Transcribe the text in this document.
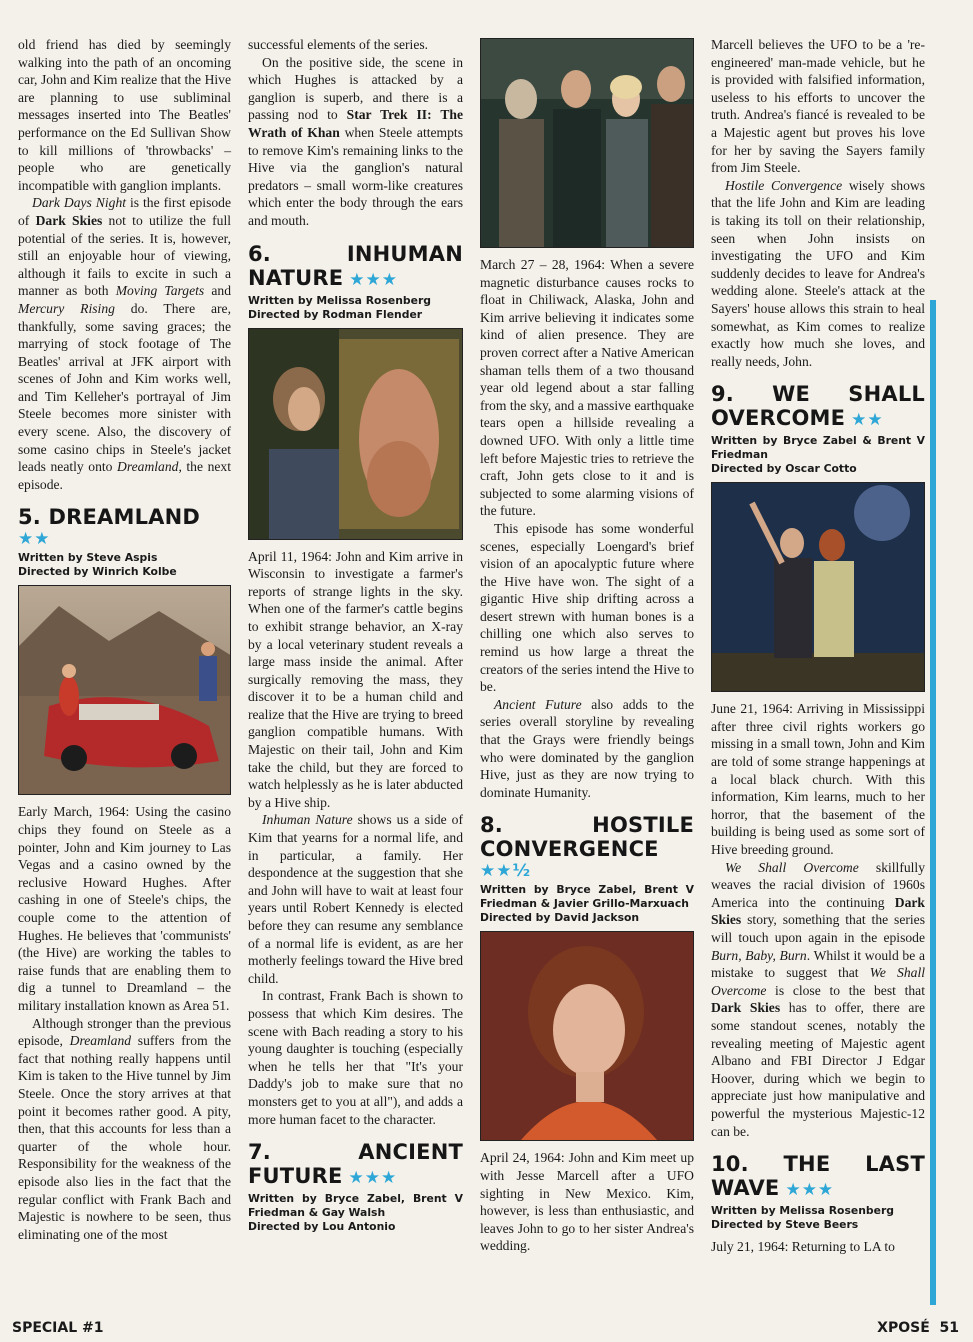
old friend has died by seemingly walking into the path of an oncoming car, John and Kim realize that the Hive are planning to use subliminal messages inserted into The Beatles' performance on the Ed Sullivan Show to kill millions of 'throwbacks' – people who are genetically incompatible with ganglion implants.

Dark Days Night is the first episode of Dark Skies not to utilize the full potential of the series. It is, however, still an enjoyable hour of viewing, although it fails to excite in such a manner as both Moving Targets and Mercury Rising do. There are, thankfully, some saving graces; the marrying of stock footage of The Beatles' arrival at JFK airport with scenes of John and Kim works well, and Tim Kelleher's portrayal of Jim Steele becomes more sinister with every scene. Also, the discovery of some casino chips in Steele's jacket leads neatly onto Dreamland, the next episode.

5. DREAMLAND
★★
Written by Steve Aspis
Directed by Winrich Kolbe

Early March, 1964: Using the casino chips they found on Steele as a pointer, John and Kim journey to Las Vegas and a casino owned by the reclusive Howard Hughes. After cashing in one of Steele's chips, the couple come to the attention of Hughes. He believes that 'communists' (the Hive) are working the tables to raise funds that are enabling them to dig a tunnel to Dreamland – the military installation known as Area 51.

Although stronger than the previous episode, Dreamland suffers from the fact that nothing really happens until Kim is taken to the Hive tunnel by Jim Steele. Once the story arrives at that point it becomes rather good. A pity, then, that this accounts for less than a quarter of the whole hour. Responsibility for the weakness of the episode also lies in the fact that the regular conflict with Frank Bach and Majestic is nowhere to be seen, thus eliminating one of the most

successful elements of the series.

On the positive side, the scene in which Hughes is attacked by a ganglion is superb, and there is a passing nod to Star Trek II: The Wrath of Khan when Steele attempts to remove Kim's remaining links to the Hive via the ganglion's natural predators – small worm-like creatures which enter the body through the ears and mouth.

6. INHUMAN NATURE ★★★
Written by Melissa Rosenberg
Directed by Rodman Flender

April 11, 1964: John and Kim arrive in Wisconsin to investigate a farmer's reports of strange lights in the sky. When one of the farmer's cattle begins to exhibit strange behavior, an X-ray by a local veterinary student reveals a large mass inside the animal. After surgically removing the mass, they discover it to be a human child and realize that the Hive are trying to breed ganglion compatible humans. With Majestic on their tail, John and Kim take the child, but they are forced to watch helplessly as he is later abducted by a Hive ship.

Inhuman Nature shows us a side of Kim that yearns for a normal life, and in particular, a family. Her despondence at the suggestion that she and John will have to wait at least four years until Robert Kennedy is elected before they can resume any semblance of a normal life is evident, as are her motherly feelings toward the Hive bred child.

In contrast, Frank Bach is shown to possess that which Kim desires. The scene with Bach reading a story to his young daughter is touching (especially when he tells her that "It's your Daddy's job to make sure that no monsters get to you at all"), and adds a more human facet to the character.

7. ANCIENT FUTURE ★★★
Written by Bryce Zabel, Brent V Friedman & Gay Walsh
Directed by Lou Antonio

March 27 – 28, 1964: When a severe magnetic disturbance causes rocks to float in Chiliwack, Alaska, John and Kim arrive believing it indicates some kind of alien presence. They are proven correct after a Native American shaman tells them of a two thousand year old legend about a star falling from the sky, and a massive earthquake tears open a hillside revealing a downed UFO. With only a little time left before Majestic tries to retrieve the craft, John gets close to it and is subjected to some alarming visions of the future.

This episode has some wonderful scenes, especially Loengard's brief vision of an apocalyptic future where the Hive have won. The sight of a gigantic Hive ship drifting across a desert strewn with human bones is a chilling one which also serves to remind us how large a threat the creators of the series intend the Hive to be.

Ancient Future also adds to the series overall storyline by revealing that the Grays were friendly beings who were dominated by the ganglion Hive, just as they are now trying to dominate Humanity.

8. HOSTILE CONVERGENCE
★★½
Written by Bryce Zabel, Brent V Friedman & Javier Grillo-Marxuach
Directed by David Jackson

April 24, 1964: John and Kim meet up with Jesse Marcell after a UFO sighting in New Mexico. Kim, however, is less than enthusiastic, and leaves John to go to her sister Andrea's wedding.

Marcell believes the UFO to be a 're-engineered' man-made vehicle, but he is provided with falsified information, useless to his efforts to uncover the truth. Andrea's fiancé is revealed to be a Majestic agent but proves his love for her by saving the Sayers family from Jim Steele.

Hostile Convergence wisely shows that the life John and Kim are leading is taking its toll on their relationship, seen when John insists on investigating the UFO and Kim suddenly decides to leave for Andrea's wedding alone. Steele's attack at the Sayers' house allows this strain to heal somewhat, as Kim comes to realize exactly how much she loves, and really needs, John.

9. WE SHALL OVERCOME ★★
Written by Bryce Zabel & Brent V Friedman
Directed by Oscar Cotto

June 21, 1964: Arriving in Mississippi after three civil rights workers go missing in a small town, John and Kim are told of some strange happenings at a local black church. With this information, Kim learns, much to her horror, that the basement of the building is being used as some sort of Hive breeding ground.

We Shall Overcome skillfully weaves the racial division of 1960s America into the continuing Dark Skies story, something that the series will touch upon again in the episode Burn, Baby, Burn. Whilst it would be a mistake to suggest that We Shall Overcome is close to the best that Dark Skies has to offer, there are some standout scenes, notably the revealing meeting of Majestic agent Albano and FBI Director J Edgar Hoover, during which we begin to appreciate just how manipulative and powerful the mysterious Majestic-12 can be.

10. THE LAST WAVE ★★★
Written by Melissa Rosenberg
Directed by Steve Beers

July 21, 1964: Returning to LA to

SPECIAL #1	XPOSÉ 51
